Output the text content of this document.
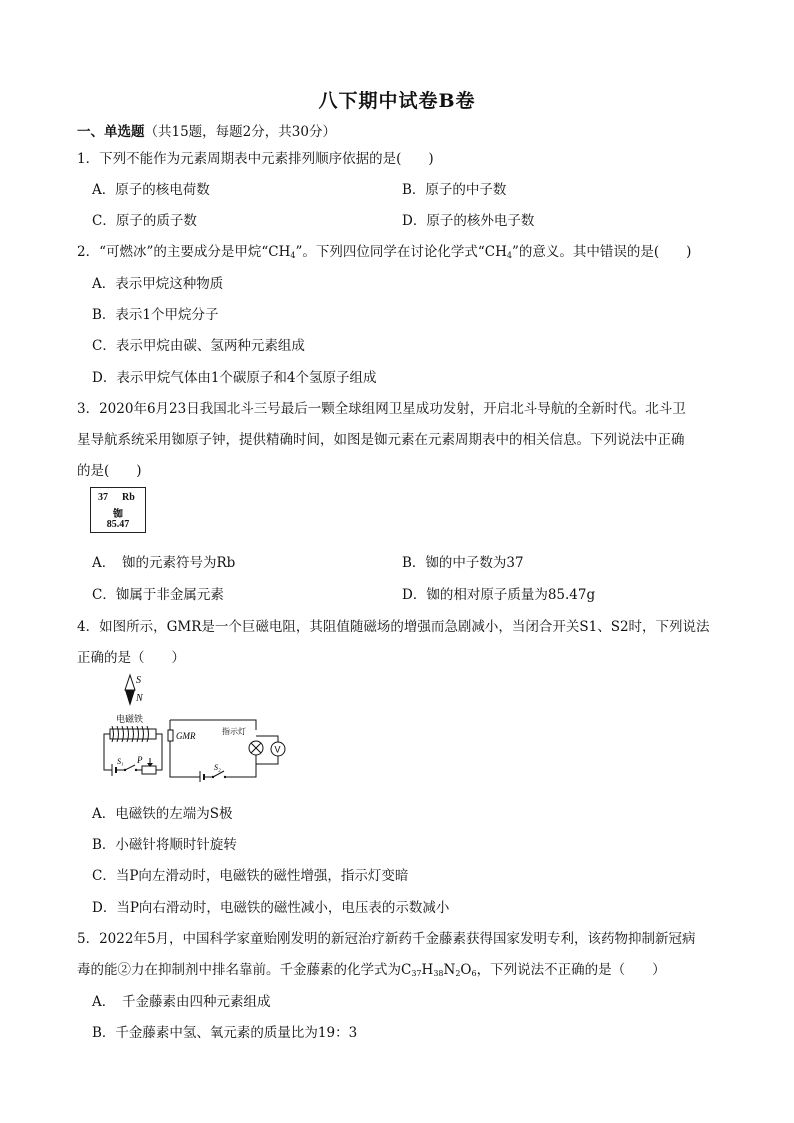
八下期中试卷B卷
一、单选题（共15题，每题2分，共30分）
1．下列不能作为元素周期表中元素排列顺序依据的是(　　)
A．原子的核电荷数	B．原子的中子数
C．原子的质子数	D．原子的核外电子数
2．“可燃冰”的主要成分是甲烷“$CH_4$”。下列四位同学在讨论化学式“$CH_4$”的意义。其中错误的是(　　)
A．表示甲烷这种物质
B．表示1个甲烷分子
C．表示甲烷由碳、氢两种元素组成
D．表示甲烷气体由1个碳原子和4个氢原子组成
3．2020年6月23日我国北斗三号最后一颗全球组网卫星成功发射，开启北斗导航的全新时代。北斗卫
星导航系统采用铷原子钟，提供精确时间，如图是铷元素在元素周期表中的相关信息。下列说法中正确
的是(　　)
37 Rb
铷
85.47
A．　铷的元素符号为Rb	B．铷的中子数为37
C．铷属于非金属元素	D．铷的相对原子质量为85.47g
4．如图所示，GMR是一个巨磁电阻，其阻值随磁场的增强而急剧减小，当闭合开关S1、S2时，下列说法
正确的是（　　）
S
N
电磁铁
S₁ P
GMR	指示灯
V
S₂
A．电磁铁的左端为S极
B．小磁针将顺时针旋转
C．当P向左滑动时，电磁铁的磁性增强，指示灯变暗
D．当P向右滑动时，电磁铁的磁性减小，电压表的示数减小
5．2022年5月，中国科学家童贻刚发明的新冠治疗新药千金藤素获得国家发明专利，该药物抑制新冠病
毒的能②力在抑制剂中排名靠前。千金藤素的化学式为$C_{37}H_{38}N_2O_6$，下列说法不正确的是（　　）
A．　千金藤素由四种元素组成
B．千金藤素中氢、氧元素的质量比为19：3
